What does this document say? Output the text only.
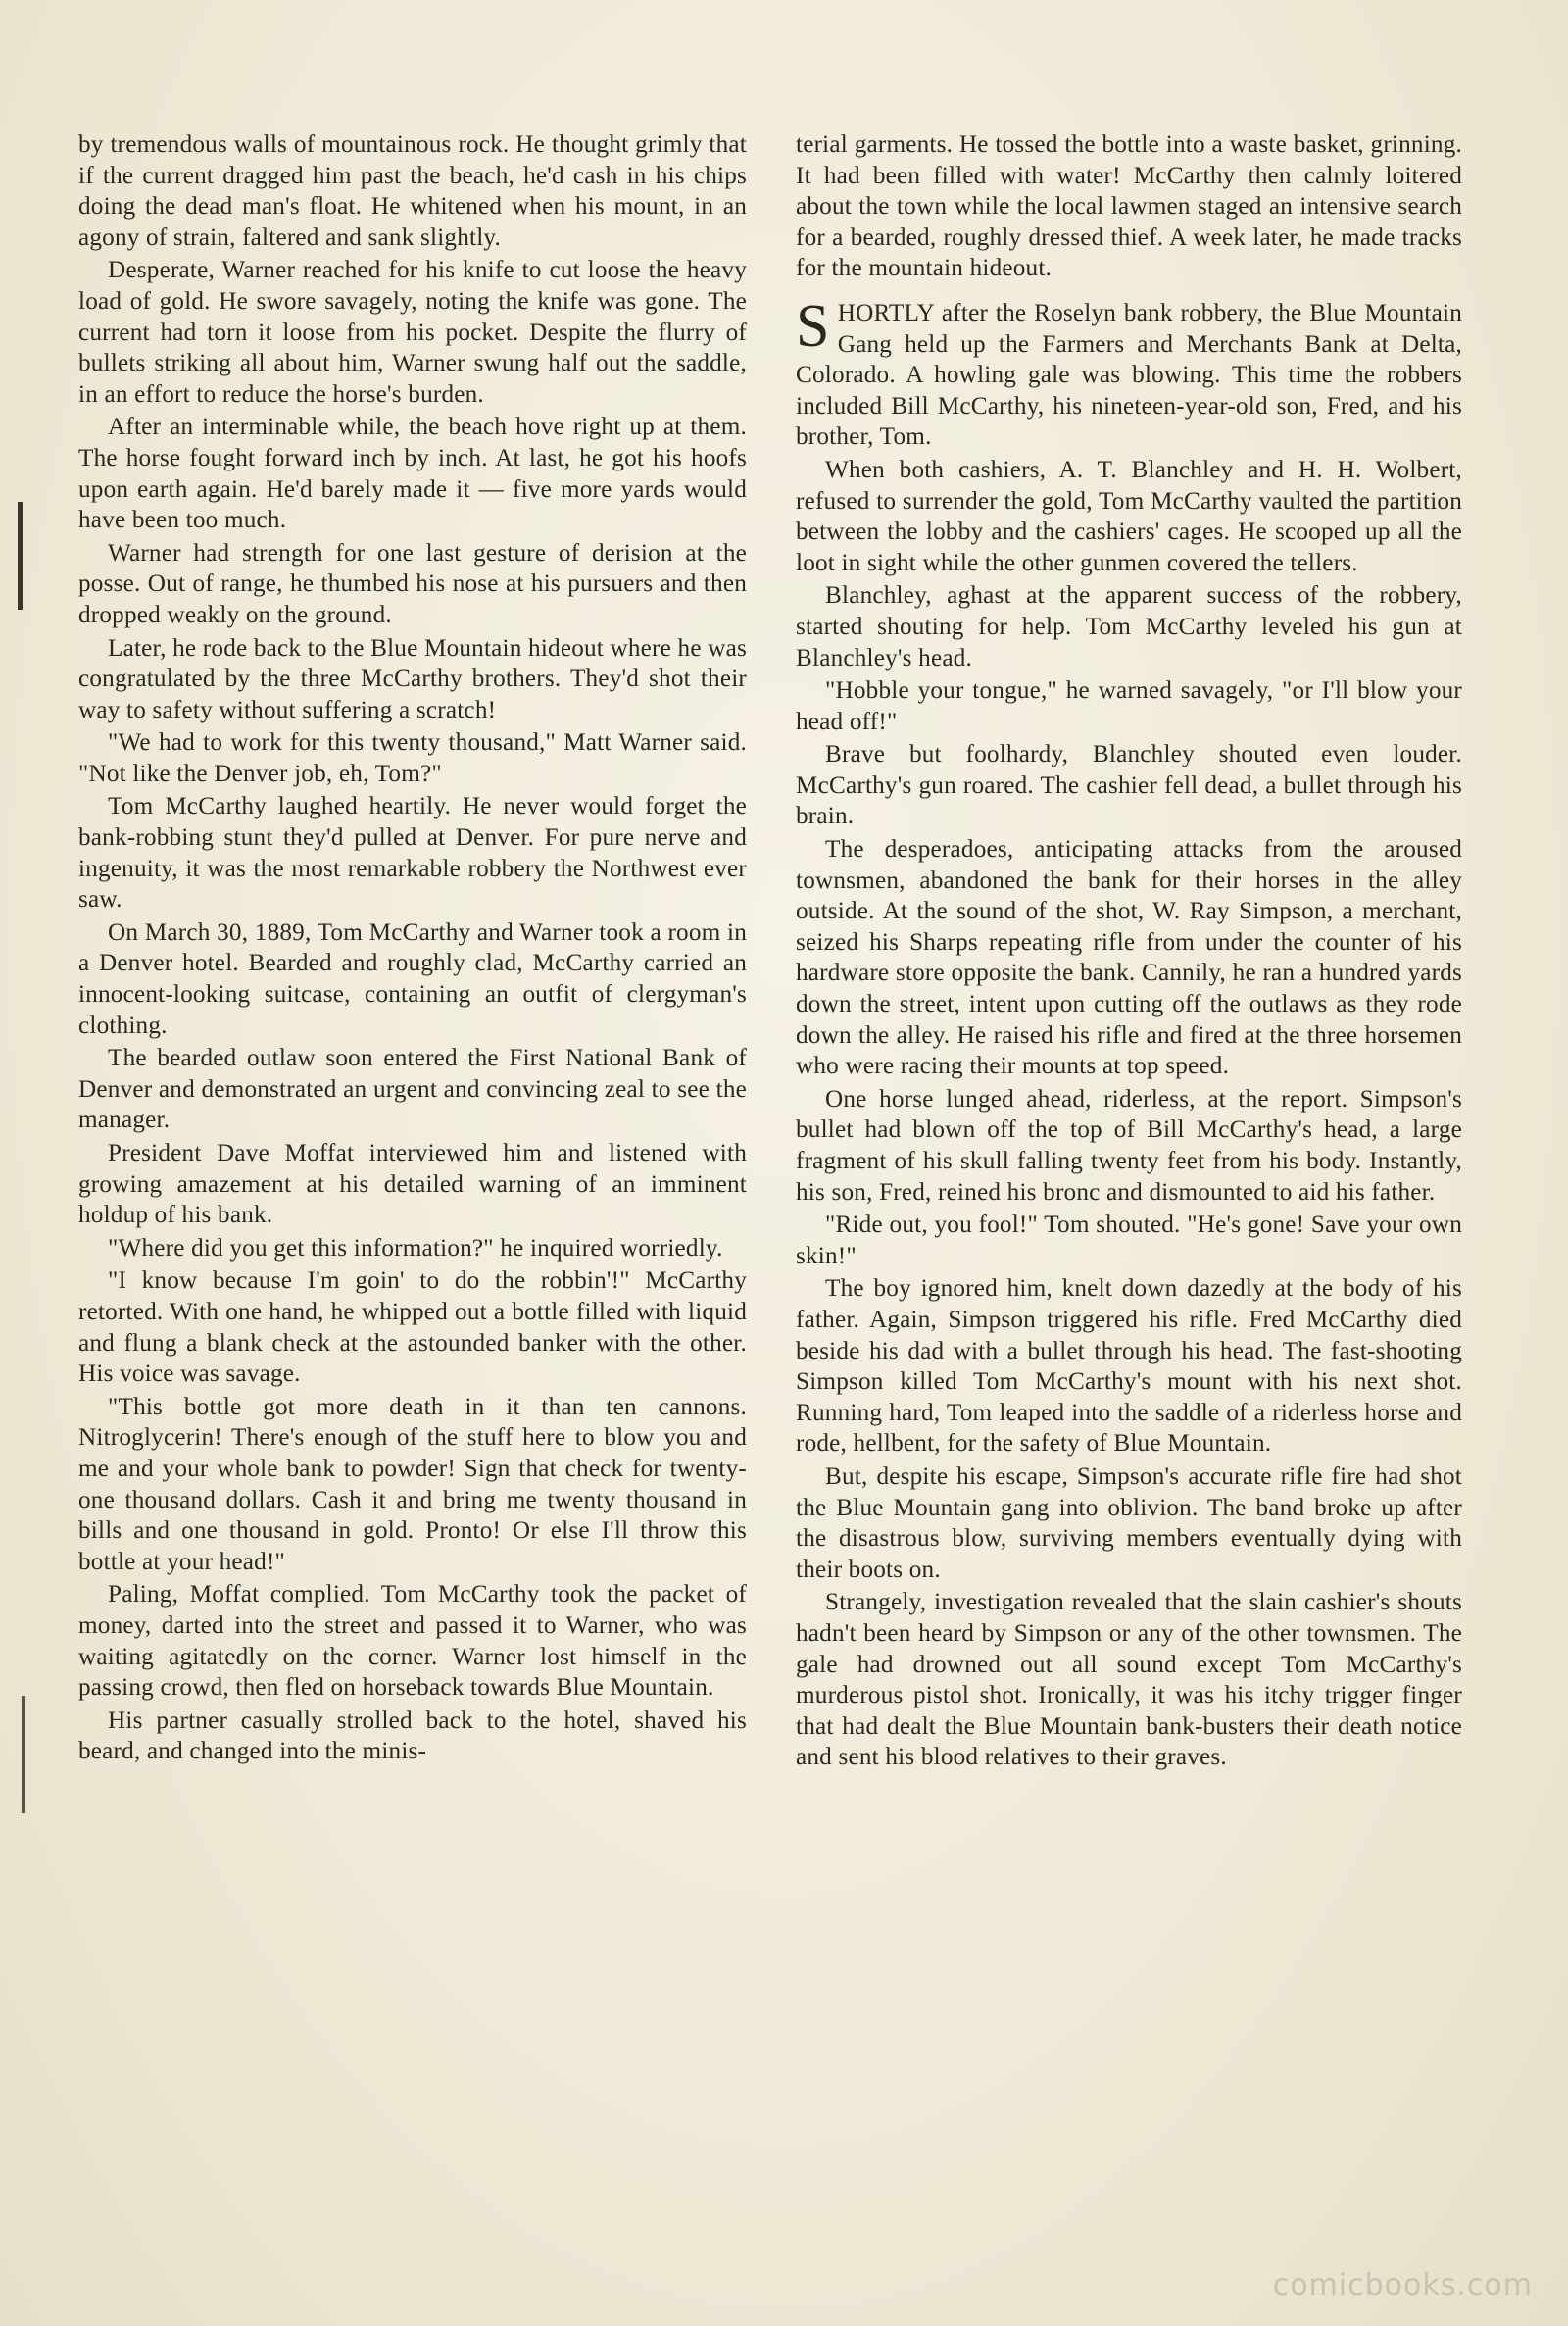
by tremendous walls of mountainous rock. He thought grimly that if the current dragged him past the beach, he'd cash in his chips doing the dead man's float. He whitened when his mount, in an agony of strain, faltered and sank slightly.

Desperate, Warner reached for his knife to cut loose the heavy load of gold. He swore savagely, noting the knife was gone. The current had torn it loose from his pocket. Despite the flurry of bullets striking all about him, Warner swung half out the saddle, in an effort to reduce the horse's burden.

After an interminable while, the beach hove right up at them. The horse fought forward inch by inch. At last, he got his hoofs upon earth again. He'd barely made it — five more yards would have been too much.

Warner had strength for one last gesture of derision at the posse. Out of range, he thumbed his nose at his pursuers and then dropped weakly on the ground.

Later, he rode back to the Blue Mountain hideout where he was congratulated by the three McCarthy brothers. They'd shot their way to safety without suffering a scratch!

"We had to work for this twenty thousand," Matt Warner said. "Not like the Denver job, eh, Tom?"

Tom McCarthy laughed heartily. He never would forget the bank-robbing stunt they'd pulled at Denver. For pure nerve and ingenuity, it was the most remarkable robbery the Northwest ever saw.

On March 30, 1889, Tom McCarthy and Warner took a room in a Denver hotel. Bearded and roughly clad, McCarthy carried an innocent-looking suitcase, containing an outfit of clergyman's clothing.

The bearded outlaw soon entered the First National Bank of Denver and demonstrated an urgent and convincing zeal to see the manager.

President Dave Moffat interviewed him and listened with growing amazement at his detailed warning of an imminent holdup of his bank.

"Where did you get this information?" he inquired worriedly.

"I know because I'm goin' to do the robbin'!" McCarthy retorted. With one hand, he whipped out a bottle filled with liquid and flung a blank check at the astounded banker with the other. His voice was savage.

"This bottle got more death in it than ten cannons. Nitroglycerin! There's enough of the stuff here to blow you and me and your whole bank to powder! Sign that check for twenty-one thousand dollars. Cash it and bring me twenty thousand in bills and one thousand in gold. Pronto! Or else I'll throw this bottle at your head!"

Paling, Moffat complied. Tom McCarthy took the packet of money, darted into the street and passed it to Warner, who was waiting agitatedly on the corner. Warner lost himself in the passing crowd, then fled on horseback towards Blue Mountain.

His partner casually strolled back to the hotel, shaved his beard, and changed into the minis-

terial garments. He tossed the bottle into a waste basket, grinning. It had been filled with water! McCarthy then calmly loitered about the town while the local lawmen staged an intensive search for a bearded, roughly dressed thief. A week later, he made tracks for the mountain hideout.

SHORTLY after the Roselyn bank robbery, the Blue Mountain Gang held up the Farmers and Merchants Bank at Delta, Colorado. A howling gale was blowing. This time the robbers included Bill McCarthy, his nineteen-year-old son, Fred, and his brother, Tom.

When both cashiers, A. T. Blanchley and H. H. Wolbert, refused to surrender the gold, Tom McCarthy vaulted the partition between the lobby and the cashiers' cages. He scooped up all the loot in sight while the other gunmen covered the tellers.

Blanchley, aghast at the apparent success of the robbery, started shouting for help. Tom McCarthy leveled his gun at Blanchley's head.

"Hobble your tongue," he warned savagely, "or I'll blow your head off!"

Brave but foolhardy, Blanchley shouted even louder. McCarthy's gun roared. The cashier fell dead, a bullet through his brain.

The desperadoes, anticipating attacks from the aroused townsmen, abandoned the bank for their horses in the alley outside. At the sound of the shot, W. Ray Simpson, a merchant, seized his Sharps repeating rifle from under the counter of his hardware store opposite the bank. Cannily, he ran a hundred yards down the street, intent upon cutting off the outlaws as they rode down the alley. He raised his rifle and fired at the three horsemen who were racing their mounts at top speed.

One horse lunged ahead, riderless, at the report. Simpson's bullet had blown off the top of Bill McCarthy's head, a large fragment of his skull falling twenty feet from his body. Instantly, his son, Fred, reined his bronc and dismounted to aid his father.

"Ride out, you fool!" Tom shouted. "He's gone! Save your own skin!"

The boy ignored him, knelt down dazedly at the body of his father. Again, Simpson triggered his rifle. Fred McCarthy died beside his dad with a bullet through his head. The fast-shooting Simpson killed Tom McCarthy's mount with his next shot. Running hard, Tom leaped into the saddle of a riderless horse and rode, hellbent, for the safety of Blue Mountain.

But, despite his escape, Simpson's accurate rifle fire had shot the Blue Mountain gang into oblivion. The band broke up after the disastrous blow, surviving members eventually dying with their boots on.

Strangely, investigation revealed that the slain cashier's shouts hadn't been heard by Simpson or any of the other townsmen. The gale had drowned out all sound except Tom McCarthy's murderous pistol shot. Ironically, it was his itchy trigger finger that had dealt the Blue Mountain bank-busters their death notice and sent his blood relatives to their graves.

comicbooks.com
